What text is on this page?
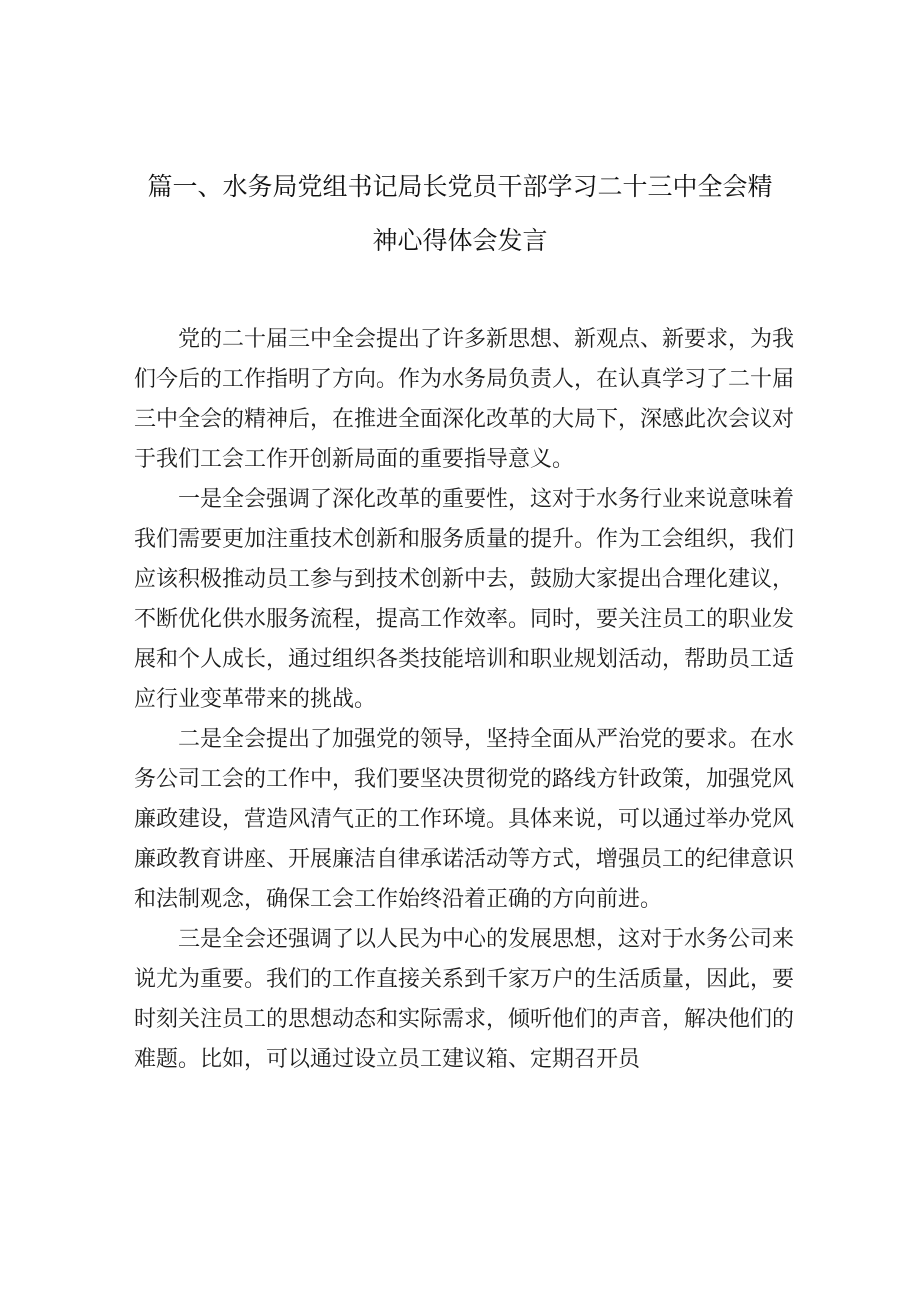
篇一、水务局党组书记局长党员干部学习二十三中全会精
神心得体会发言

党的二十届三中全会提出了许多新思想、新观点、新要求，为我们今后的工作指明了方向。作为水务局负责人，在认真学习了二十届三中全会的精神后，在推进全面深化改革的大局下，深感此次会议对于我们工会工作开创新局面的重要指导意义。

一是全会强调了深化改革的重要性，这对于水务行业来说意味着我们需要更加注重技术创新和服务质量的提升。作为工会组织，我们应该积极推动员工参与到技术创新中去，鼓励大家提出合理化建议，不断优化供水服务流程，提高工作效率。同时，要关注员工的职业发展和个人成长，通过组织各类技能培训和职业规划活动，帮助员工适应行业变革带来的挑战。

二是全会提出了加强党的领导，坚持全面从严治党的要求。在水务公司工会的工作中，我们要坚决贯彻党的路线方针政策，加强党风廉政建设，营造风清气正的工作环境。具体来说，可以通过举办党风廉政教育讲座、开展廉洁自律承诺活动等方式，增强员工的纪律意识和法制观念，确保工会工作始终沿着正确的方向前进。

三是全会还强调了以人民为中心的发展思想，这对于水务公司来说尤为重要。我们的工作直接关系到千家万户的生活质量，因此，要时刻关注员工的思想动态和实际需求，倾听他们的声音，解决他们的难题。比如，可以通过设立员工建议箱、定期召开员
